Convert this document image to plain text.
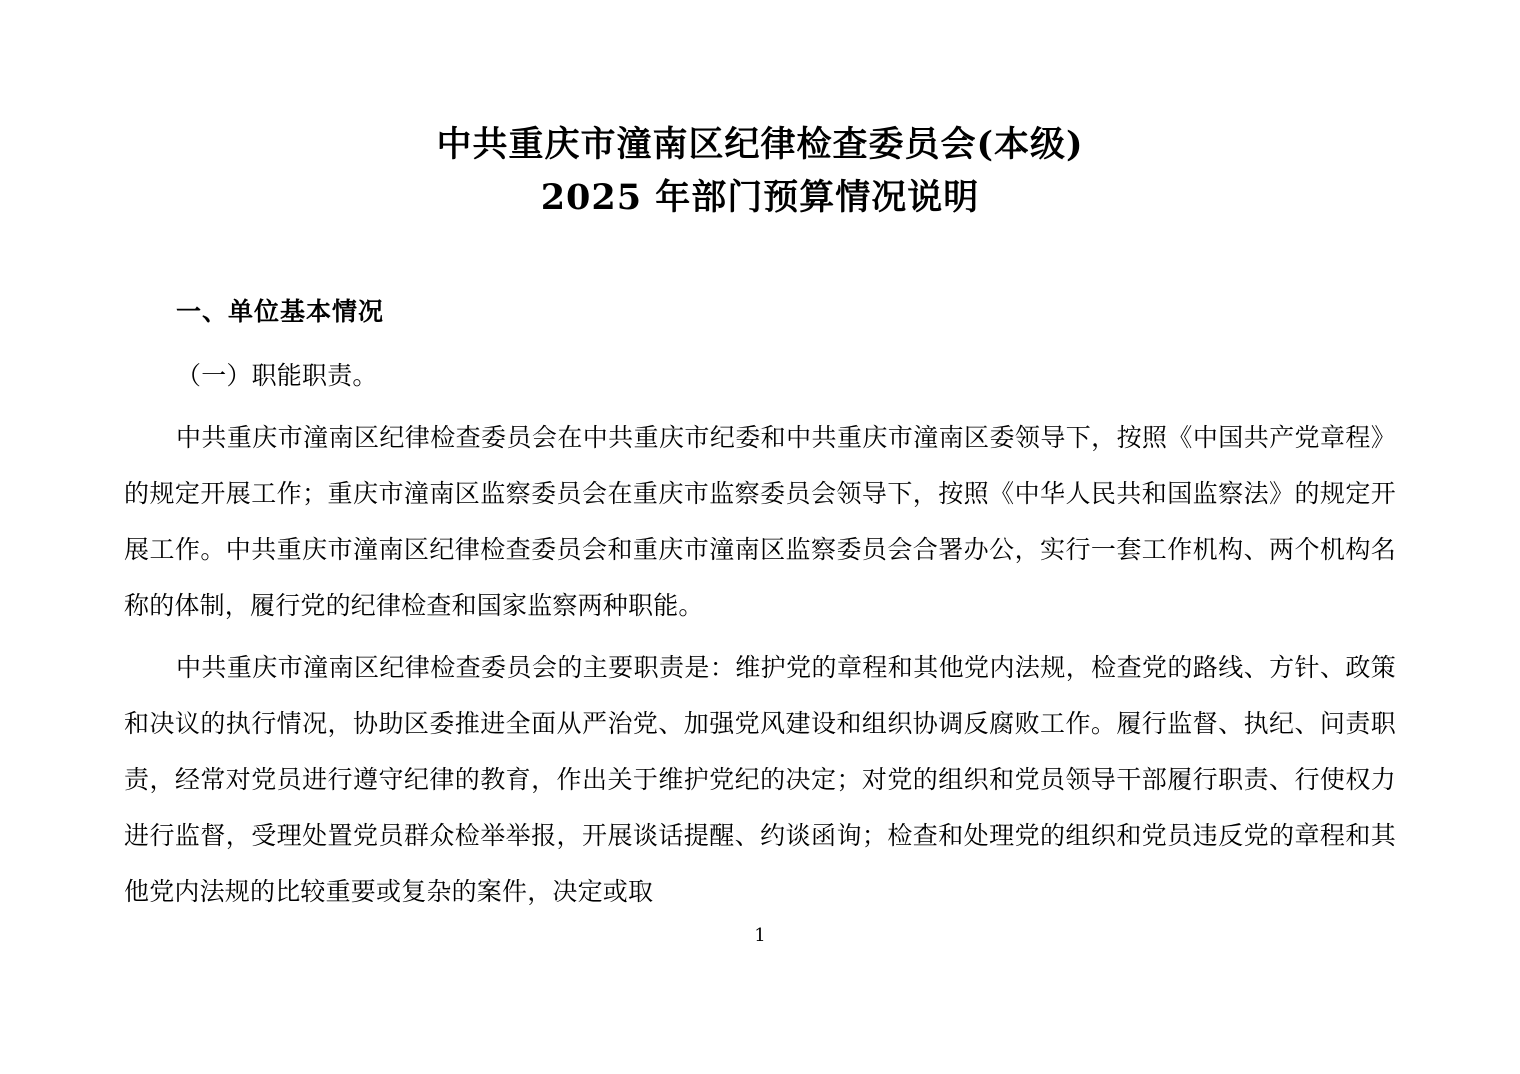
中共重庆市潼南区纪律检查委员会(本级)
2025 年部门预算情况说明
一、单位基本情况

（一）职能职责。

中共重庆市潼南区纪律检查委员会在中共重庆市纪委和中共重庆市潼南区委领导下，按照《中国共产党章程》的规定开展工作；重庆市潼南区监察委员会在重庆市监察委员会领导下，按照《中华人民共和国监察法》的规定开展工作。中共重庆市潼南区纪律检查委员会和重庆市潼南区监察委员会合署办公，实行一套工作机构、两个机构名称的体制，履行党的纪律检查和国家监察两种职能。

中共重庆市潼南区纪律检查委员会的主要职责是：维护党的章程和其他党内法规，检查党的路线、方针、政策和决议的执行情况，协助区委推进全面从严治党、加强党风建设和组织协调反腐败工作。履行监督、执纪、问责职责，经常对党员进行遵守纪律的教育，作出关于维护党纪的决定；对党的组织和党员领导干部履行职责、行使权力进行监督，受理处置党员群众检举举报，开展谈话提醒、约谈函询；检查和处理党的组织和党员违反党的章程和其他党内法规的比较重要或复杂的案件，决定或取

1
